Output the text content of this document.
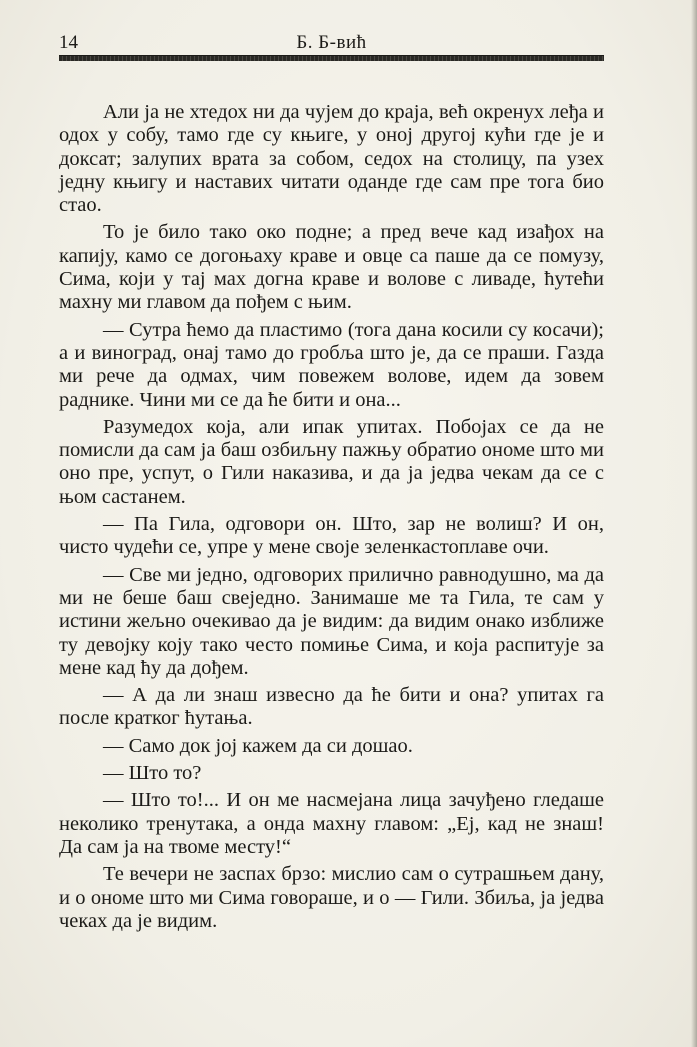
14	Б. Б-вић

Али ја не хтедох ни да чујем до краја, већ окренух леђа и одох у собу, тамо где су књиге, у оној другој кући где је и доксат; залупих врата за собом, седох на столицу, па узех једну књигу и наставих читати одандe где сам пре тога био стао.

То је било тако око подне; а пред вече кад изађох на капију, камо се догоњаху краве и овце са паше да се помузу, Сима, који у тај мах догна краве и волове с ливаде, ћутећи махну ми главом да пођем с њим.

— Сутра ћемо да пластимо (тога дана косили су косачи); а и виноград, онај тамо до гробља што је, да се праши. Газда ми рече да одмах, чим повежем волове, идем да зовем раднике. Чини ми се да ће бити и она...

Разумедох која, али ипак упитах. Побојах се да не помисли да сам ја баш озбиљну пажњу обратио ономе што ми оно пре, успут, о Гили наказива, и да ја једва чекам да се с њом састанем.

— Па Гила, одговори он. Што, зар не волиш? И он, чисто чудећи се, упре у мене своје зеленкастоплаве очи.

— Све ми једно, одговорих прилично равнодушно, ма да ми не беше баш свеједно. Занимаше ме та Гила, те сам у истини жељно очекивао да је видим: да видим онако изближе ту девојку коју тако често помиње Сима, и која распитује за мене кад ћу да дођем.

— А да ли знаш извесно да ће бити и она? упитах га после кратког ћутања.

— Само док јој кажем да си дошао.

— Што то?

— Што то!... И он ме насмејана лица зачуђено гледаше неколико тренутака, а онда махну главом: „Еј, кад не знаш! Да сам ја на твоме месту!“

Те вечери не заспах брзо: мислио сам о сутрашњем дану, и о ономе што ми Сима говораше, и о — Гили. Збиља, ја једва чеках да је видим.
